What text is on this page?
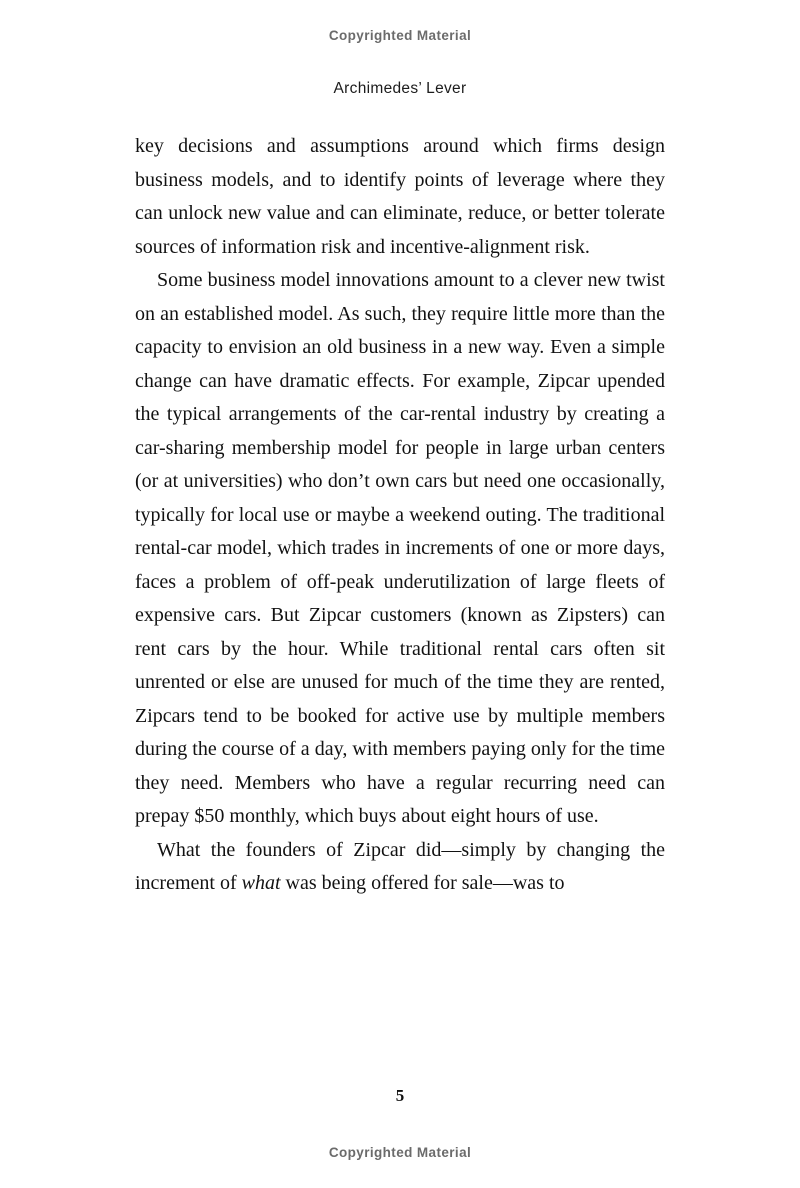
Copyrighted Material
Archimedes’ Lever

key decisions and assumptions around which firms design business models, and to identify points of leverage where they can unlock new value and can eliminate, reduce, or better tolerate sources of information risk and incentive-alignment risk.

Some business model innovations amount to a clever new twist on an established model. As such, they require little more than the capacity to envision an old business in a new way. Even a simple change can have dramatic effects. For example, Zipcar upended the typical arrangements of the car-rental industry by creating a car-sharing membership model for people in large urban centers (or at universities) who don’t own cars but need one occasionally, typically for local use or maybe a weekend outing. The traditional rental-car model, which trades in increments of one or more days, faces a problem of off-peak underutilization of large fleets of expensive cars. But Zipcar customers (known as Zipsters) can rent cars by the hour. While traditional rental cars often sit unrented or else are unused for much of the time they are rented, Zipcars tend to be booked for active use by multiple members during the course of a day, with members paying only for the time they need. Members who have a regular recurring need can prepay $50 monthly, which buys about eight hours of use.

What the founders of Zipcar did—simply by changing the increment of what was being offered for sale—was to

5
Copyrighted Material
